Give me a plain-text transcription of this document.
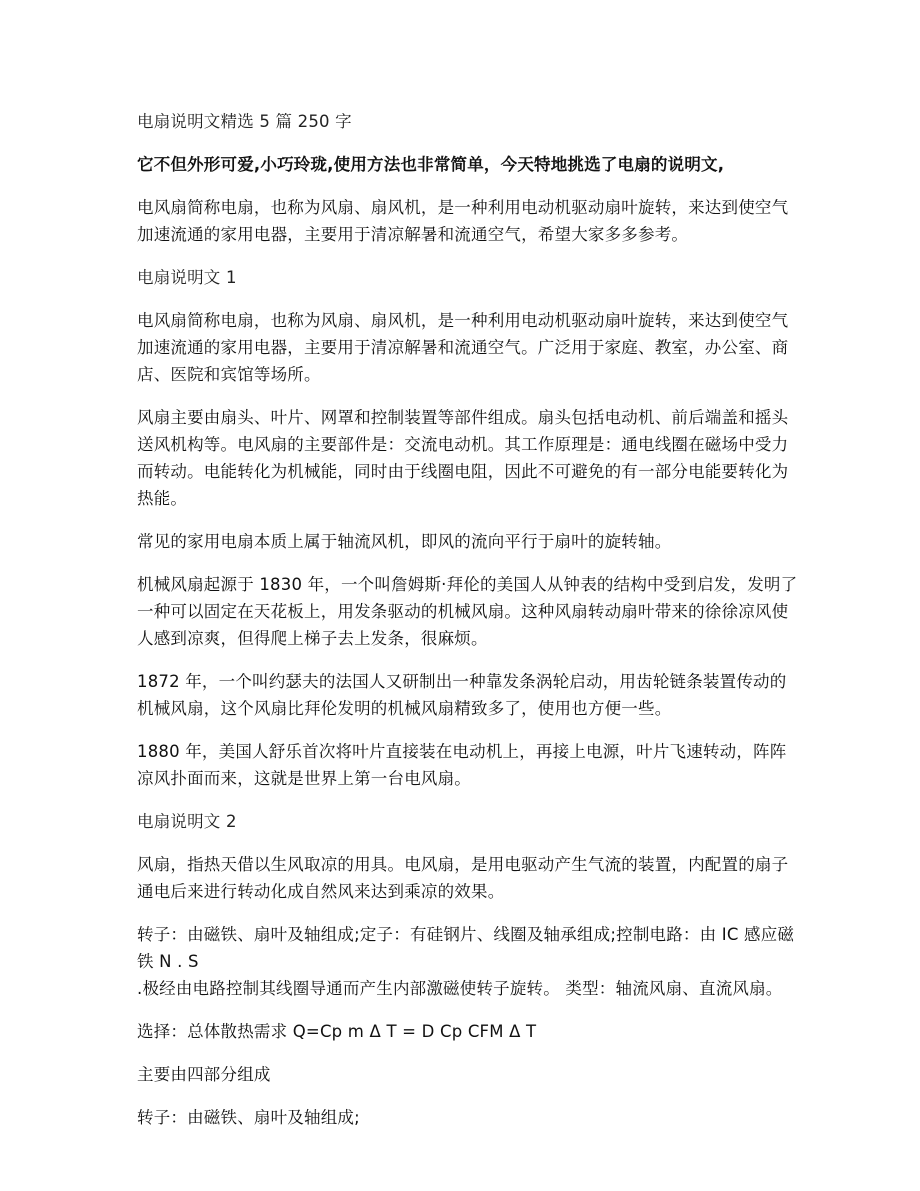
电扇说明文精选 5 篇 250 字

它不但外形可爱,小巧玲珑,使用方法也非常简单，今天特地挑选了电扇的说明文,

电风扇简称电扇，也称为风扇、扇风机，是一种利用电动机驱动扇叶旋转，来达到使空气
加速流通的家用电器，主要用于清凉解暑和流通空气，希望大家多多参考。

电扇说明文 1

电风扇简称电扇，也称为风扇、扇风机，是一种利用电动机驱动扇叶旋转，来达到使空气
加速流通的家用电器，主要用于清凉解暑和流通空气。广泛用于家庭、教室，办公室、商
店、医院和宾馆等场所。

风扇主要由扇头、叶片、网罩和控制装置等部件组成。扇头包括电动机、前后端盖和摇头
送风机构等。电风扇的主要部件是：交流电动机。其工作原理是：通电线圈在磁场中受力
而转动。电能转化为机械能，同时由于线圈电阻，因此不可避免的有一部分电能要转化为
热能。

常见的家用电扇本质上属于轴流风机，即风的流向平行于扇叶的旋转轴。

机械风扇起源于 1830 年，一个叫詹姆斯·拜伦的美国人从钟表的结构中受到启发，发明了
一种可以固定在天花板上，用发条驱动的机械风扇。这种风扇转动扇叶带来的徐徐凉风使
人感到凉爽，但得爬上梯子去上发条，很麻烦。

1872 年，一个叫约瑟夫的法国人又研制出一种靠发条涡轮启动，用齿轮链条装置传动的
机械风扇，这个风扇比拜伦发明的机械风扇精致多了，使用也方便一些。

1880 年，美国人舒乐首次将叶片直接装在电动机上，再接上电源，叶片飞速转动，阵阵
凉风扑面而来，这就是世界上第一台电风扇。

电扇说明文 2

风扇，指热天借以生风取凉的用具。电风扇，是用电驱动产生气流的装置，内配置的扇子
通电后来进行转动化成自然风来达到乘凉的效果。

转子：由磁铁、扇叶及轴组成;定子：有硅钢片、线圈及轴承组成;控制电路：由 IC 感应磁
铁 N . S
.极经由电路控制其线圈导通而产生内部激磁使转子旋转。 类型：轴流风扇、直流风扇。

选择：总体散热需求 Q=Cp m Δ T = D Cp CFM Δ T

主要由四部分组成

转子：由磁铁、扇叶及轴组成;
